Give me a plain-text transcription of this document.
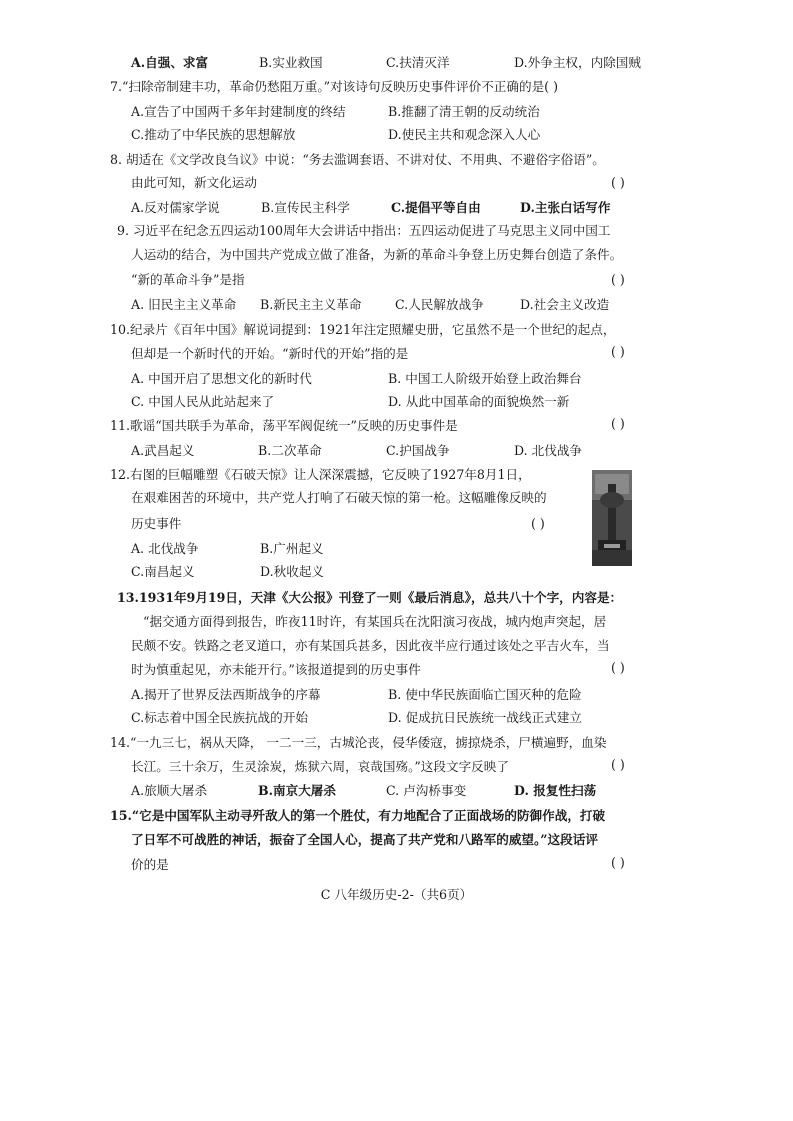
A.自强、求富	B.实业救国	C.扶清灭洋	D.外争主权，内除国贼
7.“扫除帝制建丰功，革命仍愁阻万重。”对该诗句反映历史事件评价不正确的是( )
A.宣告了中国两千多年封建制度的终结	B.推翻了清王朝的反动统治
C.推动了中华民族的思想解放	D.使民主共和观念深入人心
8. 胡适在《文学改良刍议》中说：“务去滥调套语、不讲对仗、不用典、不避俗字俗语”。
由此可知，新文化运动	( )
A.反对儒家学说	B.宣传民主科学	C.提倡平等自由	D.主张白话写作
9. 习近平在纪念五四运动100周年大会讲话中指出：五四运动促进了马克思主义同中国工
人运动的结合，为中国共产党成立做了准备，为新的革命斗争登上历史舞台创造了条件。
“新的革命斗争”是指	( )
A. 旧民主主义革命 B.新民主主义革命	C.人民解放战争	D.社会主义改造
10.纪录片《百年中国》解说词提到：1921年注定照耀史册，它虽然不是一个世纪的起点，
但却是一个新时代的开始。“新时代的开始”指的是	( )
A. 中国开启了思想文化的新时代	B. 中国工人阶级开始登上政治舞台
C. 中国人民从此站起来了	D. 从此中国革命的面貌焕然一新
11.歌谣“国共联手为革命，荡平军阀促统一”反映的历史事件是	( )
A.武昌起义	B.二次革命	C.护国战争	D. 北伐战争
12.右图的巨幅雕塑《石破天惊》让人深深震撼，它反映了1927年8月1日，
在艰难困苦的环境中，共产党人打响了石破天惊的第一枪。这幅雕像反映的
历史事件	( )
A. 北伐战争	B.广州起义
C.南昌起义	D.秋收起义
13.1931年9月19日，天津《大公报》刊登了一则《最后消息》，总共八十个字，内容是：
“据交通方面得到报告，昨夜11时许，有某国兵在沈阳演习夜战，城内炮声突起，居
民颇不安。铁路之老叉道口，亦有某国兵甚多，因此夜半应行通过该处之平吉火车，当
时为慎重起见，亦未能开行。”该报道提到的历史事件	( )
A.揭开了世界反法西斯战争的序幕	B. 使中华民族面临亡国灭种的危险
C.标志着中国全民族抗战的开始	D. 促成抗日民族统一战线正式建立
14.“一九三七，祸从天降， 一二一三，古城沦丧，侵华倭寇，掳掠烧杀，尸横遍野，血染
长江。三十余万，生灵涂炭，炼狱六周，哀哉国殇。”这段文字反映了	( )
A.旅顺大屠杀	B.南京大屠杀	C. 卢沟桥事变	D. 报复性扫荡
15.“它是中国军队主动寻歼敌人的第一个胜仗，有力地配合了正面战场的防御作战，打破
了日军不可战胜的神话，振奋了全国人心，提高了共产党和八路军的威望。”这段话评
价的是	( )
C 八年级历史-2-（共6页）
